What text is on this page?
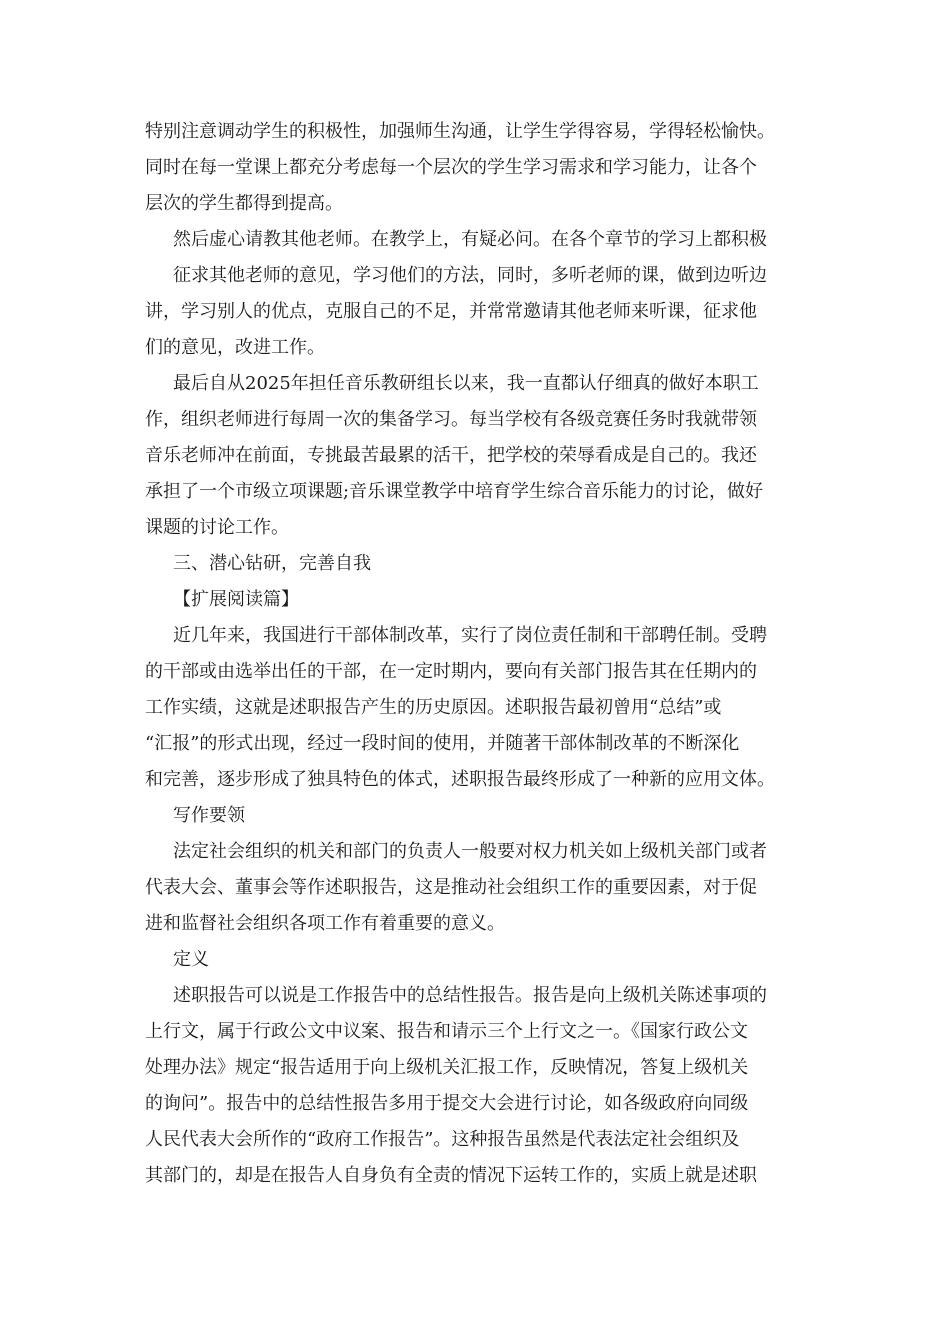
特别注意调动学生的积极性，加强师生沟通，让学生学得容易，学得轻松愉快。
同时在每一堂课上都充分考虑每一个层次的学生学习需求和学习能力，让各个
层次的学生都得到提高。
然后虚心请教其他老师。在教学上，有疑必问。在各个章节的学习上都积极
征求其他老师的意见，学习他们的方法，同时，多听老师的课，做到边听边
讲，学习别人的优点，克服自己的不足，并常常邀请其他老师来听课，征求他
们的意见，改进工作。
最后自从2025年担任音乐教研组长以来，我一直都认仔细真的做好本职工
作，组织老师进行每周一次的集备学习。每当学校有各级竞赛任务时我就带领
音乐老师冲在前面，专挑最苦最累的活干，把学校的荣辱看成是自己的。我还
承担了一个市级立项课题;音乐课堂教学中培育学生综合音乐能力的讨论，做好
课题的讨论工作。
三、潜心钻研，完善自我
【扩展阅读篇】
近几年来，我国进行干部体制改革，实行了岗位责任制和干部聘任制。受聘
的干部或由选举出任的干部，在一定时期内，要向有关部门报告其在任期内的
工作实绩，这就是述职报告产生的历史原因。述职报告最初曾用“总结”或
“汇报”的形式出现，经过一段时间的使用，并随著干部体制改革的不断深化
和完善，逐步形成了独具特色的体式，述职报告最终形成了一种新的应用文体。
写作要领
法定社会组织的机关和部门的负责人一般要对权力机关如上级机关部门或者
代表大会、董事会等作述职报告，这是推动社会组织工作的重要因素，对于促
进和监督社会组织各项工作有着重要的意义。
定义
述职报告可以说是工作报告中的总结性报告。报告是向上级机关陈述事项的
上行文，属于行政公文中议案、报告和请示三个上行文之一。《国家行政公文
处理办法》规定“报告适用于向上级机关汇报工作，反映情况，答复上级机关
的询问”。报告中的总结性报告多用于提交大会进行讨论，如各级政府向同级
人民代表大会所作的“政府工作报告”。这种报告虽然是代表法定社会组织及
其部门的，却是在报告人自身负有全责的情况下运转工作的，实质上就是述职
